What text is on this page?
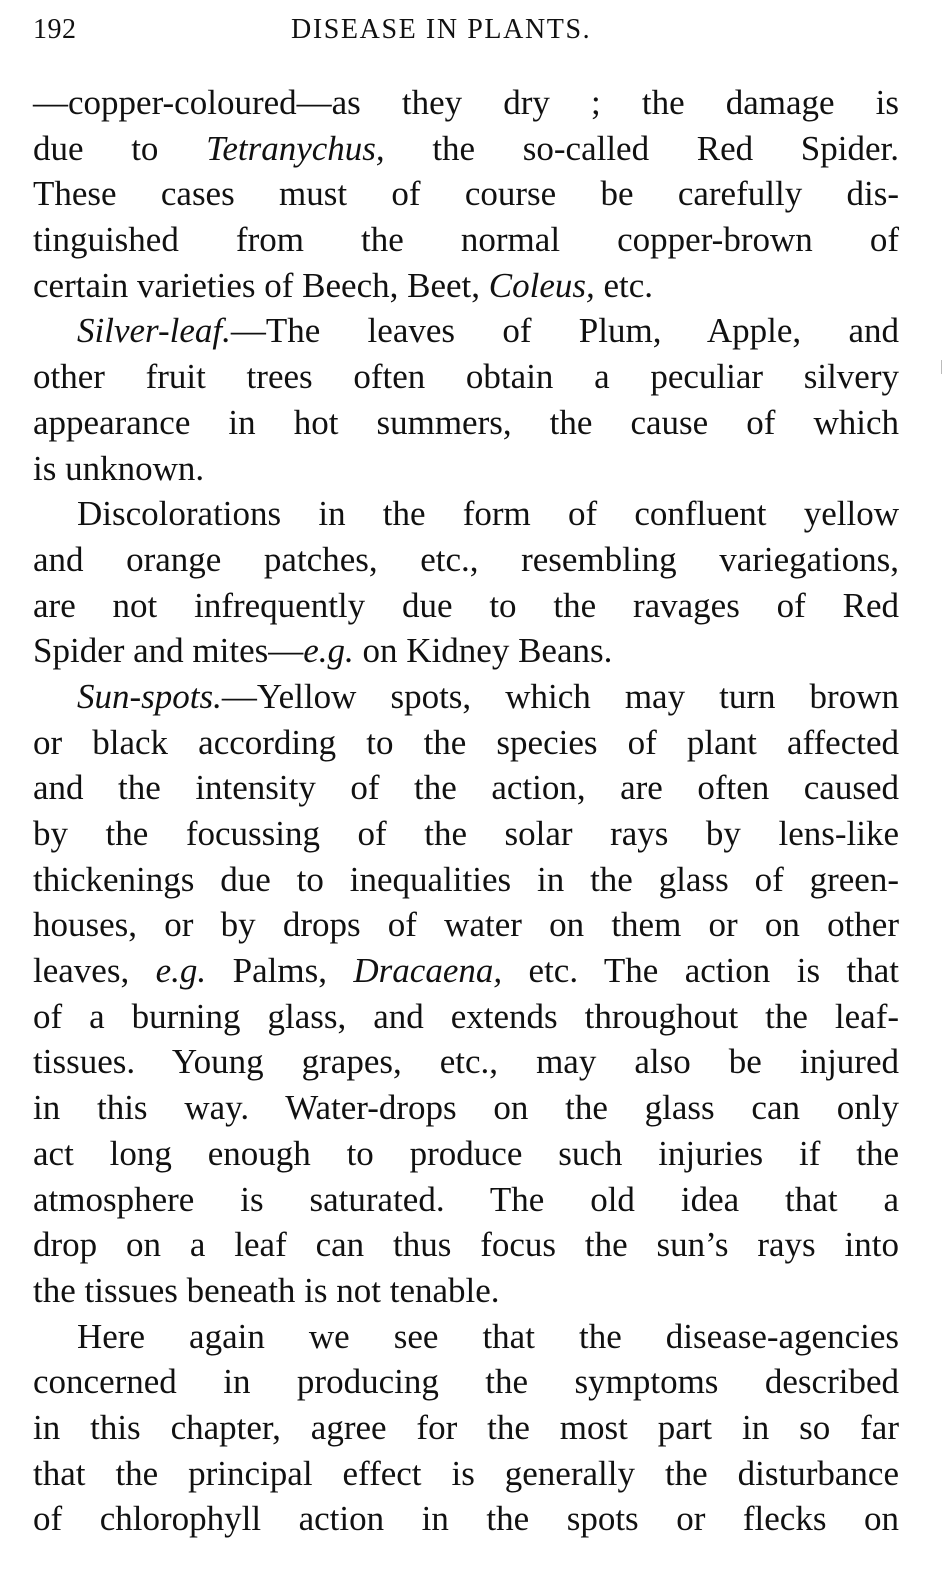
192	DISEASE IN PLANTS.
—copper-coloured—as they dry ; the damage is
due to Tetranychus, the so-called Red Spider.
These cases must of course be carefully dis-
tinguished from the normal copper-brown of
certain varieties of Beech, Beet, Coleus, etc.
Silver-leaf.—The leaves of Plum, Apple, and
other fruit trees often obtain a peculiar silvery
appearance in hot summers, the cause of which
is unknown.
Discolorations in the form of confluent yellow
and orange patches, etc., resembling variegations,
are not infrequently due to the ravages of Red
Spider and mites—e.g. on Kidney Beans.
Sun-spots.—Yellow spots, which may turn brown
or black according to the species of plant affected
and the intensity of the action, are often caused
by the focussing of the solar rays by lens-like
thickenings due to inequalities in the glass of green-
houses, or by drops of water on them or on other
leaves, e.g. Palms, Dracaena, etc. The action is that
of a burning glass, and extends throughout the leaf-
tissues. Young grapes, etc., may also be injured
in this way. Water-drops on the glass can only
act long enough to produce such injuries if the
atmosphere is saturated. The old idea that a
drop on a leaf can thus focus the sun’s rays into
the tissues beneath is not tenable.
Here again we see that the disease-agencies
concerned in producing the symptoms described
in this chapter, agree for the most part in so far
that the principal effect is generally the disturbance
of chlorophyll action in the spots or flecks on
